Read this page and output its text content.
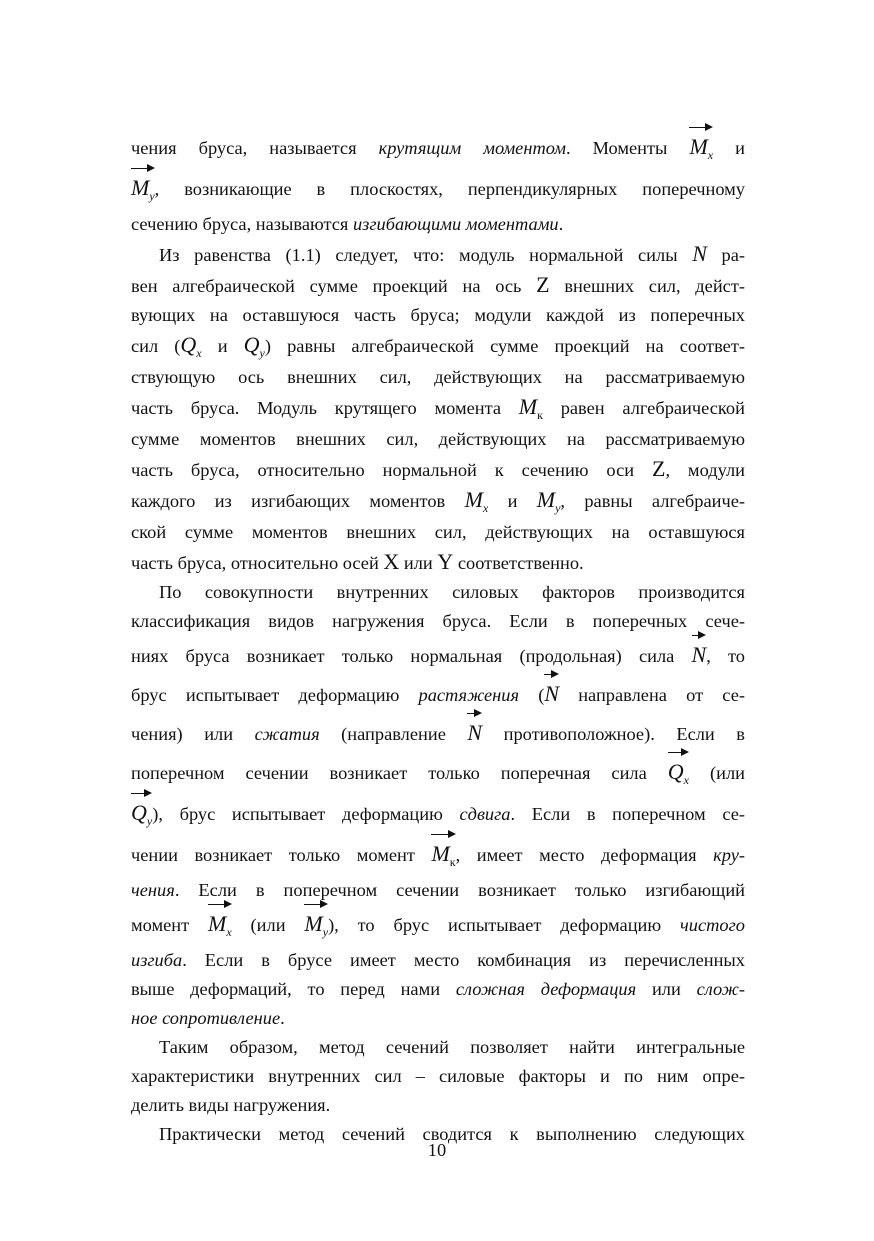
чения бруса, называется крутящим моментом. Моменты $M_x$ и
$M_y$, возникающие в плоскостях, перпендикулярных поперечному
сечению бруса, называются изгибающими моментами.
Из равенства (1.1) следует, что: модуль нормальной силы N ра-
вен алгебраической сумме проекций на ось Z внешних сил, дейст-
вующих на оставшуюся часть бруса; модули каждой из поперечных
сил ($Q_x$ и $Q_y$) равны алгебраической сумме проекций на соответ-
ствующую ось внешних сил, действующих на рассматриваемую
часть бруса. Модуль крутящего момента $M_к$ равен алгебраической
сумме моментов внешних сил, действующих на рассматриваемую
часть бруса, относительно нормальной к сечению оси Z, модули
каждого из изгибающих моментов $M_x$ и $M_y$, равны алгебраиче-
ской сумме моментов внешних сил, действующих на оставшуюся
часть бруса, относительно осей X или Y соответственно.
По совокупности внутренних силовых факторов производится
классификация видов нагружения бруса. Если в поперечных сече-
ниях бруса возникает только нормальная (продольная) сила N, то
брус испытывает деформацию растяжения (N направлена от се-
чения) или сжатия (направление N противоположное). Если в
поперечном сечении возникает только поперечная сила $Q_x$ (или
$Q_y$), брус испытывает деформацию сдвига. Если в поперечном се-
чении возникает только момент $M_к$, имеет место деформация кру-
чения. Если в поперечном сечении возникает только изгибающий
момент $M_x$ (или $M_y$), то брус испытывает деформацию чистого
изгиба. Если в брусе имеет место комбинация из перечисленных
выше деформаций, то перед нами сложная деформация или слож-
ное сопротивление.
Таким образом, метод сечений позволяет найти интегральные
характеристики внутренних сил – силовые факторы и по ним опре-
делить виды нагружения.
Практически метод сечений сводится к выполнению следующих
10
